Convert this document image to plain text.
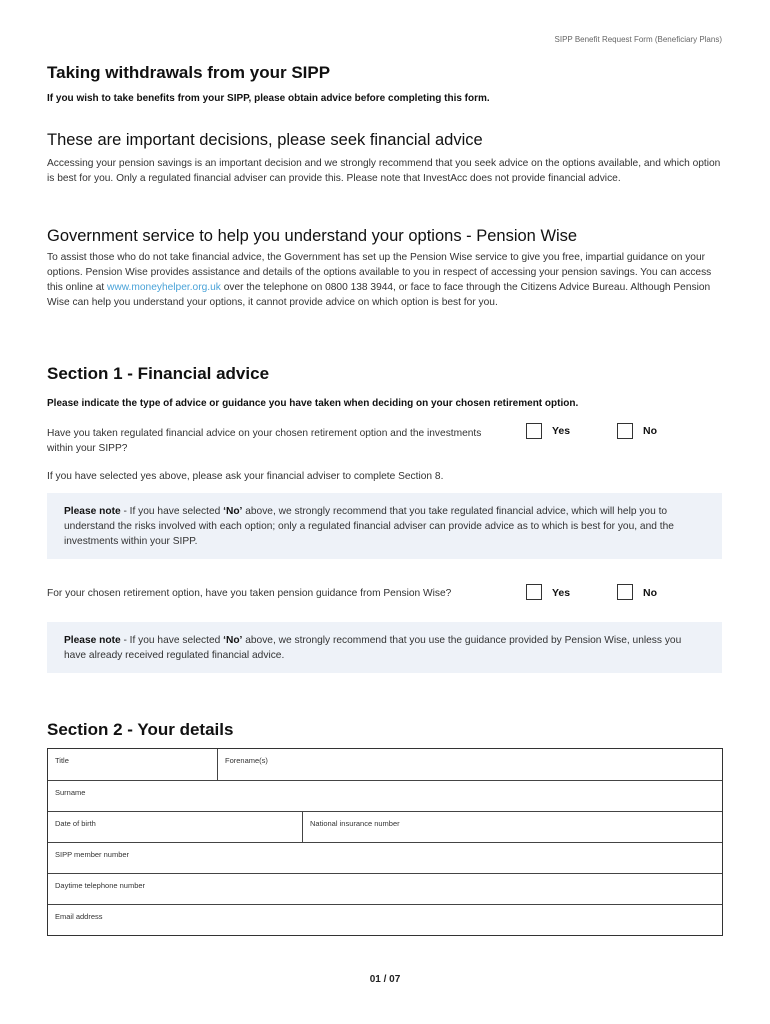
SIPP Benefit Request Form (Beneficiary Plans)
Taking withdrawals from your SIPP
If you wish to take benefits from your SIPP, please obtain advice before completing this form.
These are important decisions, please seek financial advice
Accessing your pension savings is an important decision and we strongly recommend that you seek advice on the options available, and which option is best for you. Only a regulated financial adviser can provide this. Please note that InvestAcc does not provide financial advice.
Government service to help you understand your options - Pension Wise
To assist those who do not take financial advice, the Government has set up the Pension Wise service to give you free, impartial guidance on your options. Pension Wise provides assistance and details of the options available to you in respect of accessing your pension savings. You can access this online at www.moneyhelper.org.uk over the telephone on 0800 138 3944, or face to face through the Citizens Advice Bureau. Although Pension Wise can help you understand your options, it cannot provide advice on which option is best for you.
Section 1 - Financial advice
Please indicate the type of advice or guidance you have taken when deciding on your chosen retirement option.
Have you taken regulated financial advice on your chosen retirement option and the investments within your SIPP?
Yes	No
If you have selected yes above, please ask your financial adviser to complete Section 8.
Please note - If you have selected ‘No’ above, we strongly recommend that you take regulated financial advice, which will help you to understand the risks involved with each option; only a regulated financial adviser can provide advice as to which is best for you, and the investments within your SIPP.
For your chosen retirement option, have you taken pension guidance from Pension Wise?	Yes	No
Please note - If you have selected ‘No’ above, we strongly recommend that you use the guidance provided by Pension Wise, unless you have already received regulated financial advice.
Section 2 - Your details
Title	Forename(s)
Surname
Date of birth	National insurance number
SIPP member number
Daytime telephone number
Email address
01 / 07
